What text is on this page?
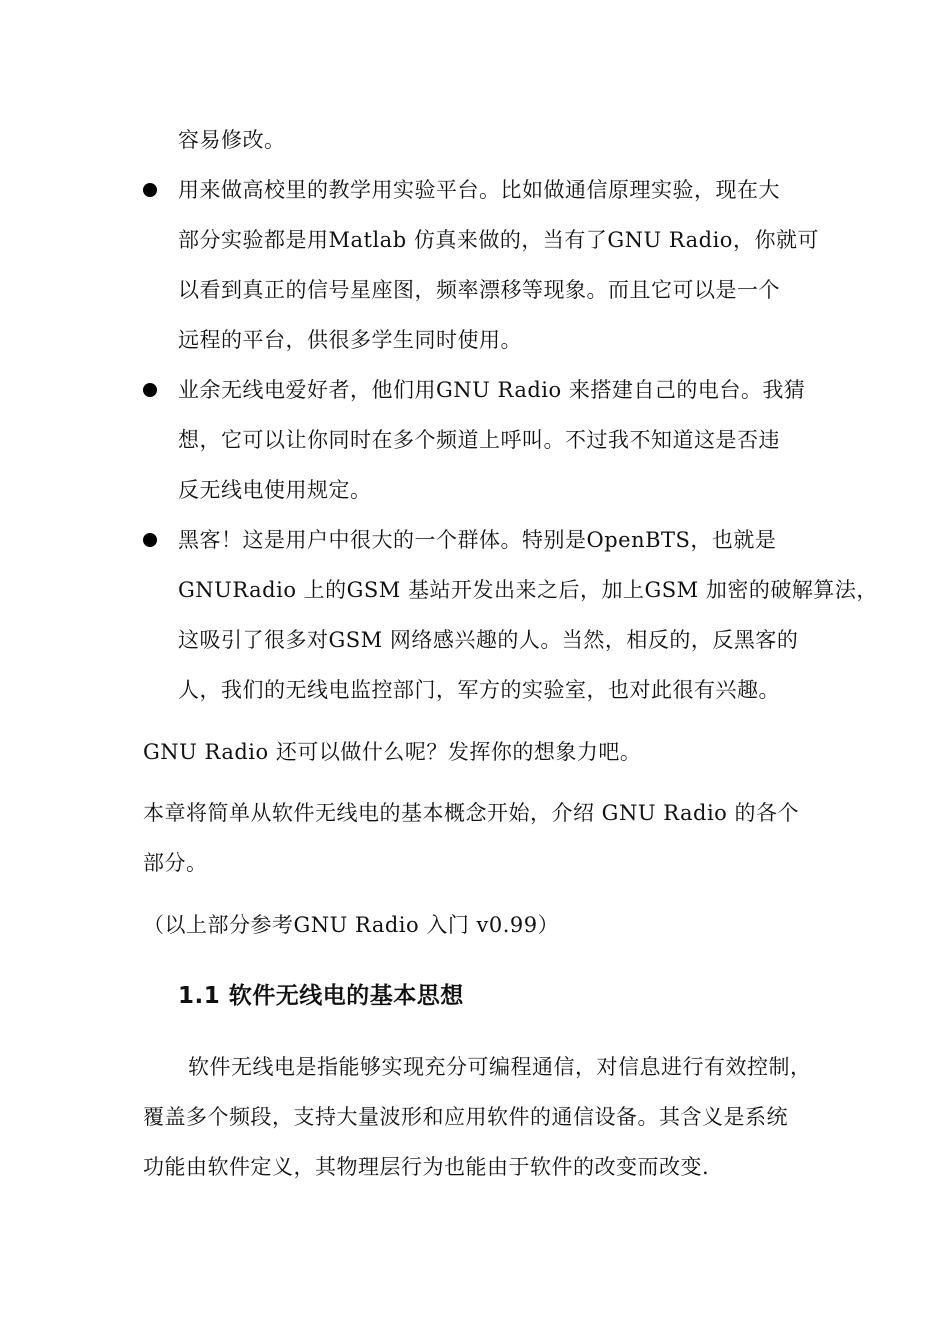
容易修改。
用来做高校里的教学用实验平台。比如做通信原理实验，现在大
部分实验都是用Matlab 仿真来做的，当有了GNU Radio，你就可
以看到真正的信号星座图，频率漂移等现象。而且它可以是一个
远程的平台，供很多学生同时使用。
业余无线电爱好者，他们用GNU Radio 来搭建自己的电台。我猜
想，它可以让你同时在多个频道上呼叫。不过我不知道这是否违
反无线电使用规定。
黑客！这是用户中很大的一个群体。特别是OpenBTS，也就是
GNURadio 上的GSM 基站开发出来之后，加上GSM 加密的破解算法，
这吸引了很多对GSM 网络感兴趣的人。当然，相反的，反黑客的
人，我们的无线电监控部门，军方的实验室，也对此很有兴趣。
GNU Radio 还可以做什么呢？发挥你的想象力吧。
本章将简单从软件无线电的基本概念开始，介绍 GNU Radio 的各个
部分。
（以上部分参考GNU Radio 入门 v0.99）
1.1 软件无线电的基本思想
软件无线电是指能够实现充分可编程通信，对信息进行有效控制，
覆盖多个频段，支持大量波形和应用软件的通信设备。其含义是系统
功能由软件定义，其物理层行为也能由于软件的改变而改变.
